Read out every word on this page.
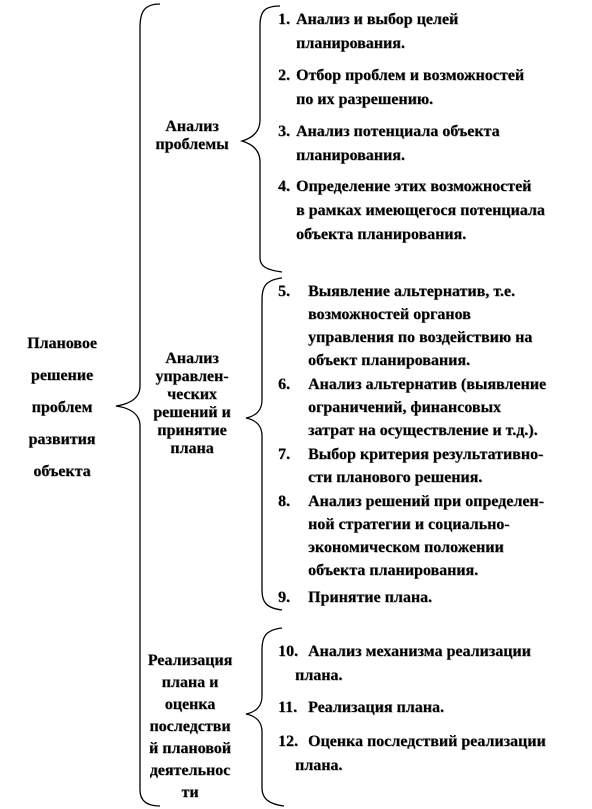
Плановое
решение
проблем
развития
объекта
Анализ
проблемы
Анализ
управлен-
ческих
решений и
принятие
плана
Реализация
плана и
оценка
последстви
й плановой
деятельнос
ти
1. Анализ и выбор целей
планирования.
2. Отбор проблем и возможностей
по их разрешению.
3. Анализ потенциала объекта
планирования.
4. Определение этих возможностей
в рамках имеющегося потенциала
объекта планирования.
5. Выявление альтернатив, т.е.
возможностей органов
управления по воздействию на
объект планирования.
6. Анализ альтернатив (выявление
ограничений, финансовых
затрат на осуществление и т.д.).
7. Выбор критерия результативно-
сти планового решения.
8. Анализ решений при определен-
ной стратегии и социально-
экономическом положении
объекта планирования.
9. Принятие плана.
10. Анализ механизма реализации
плана.
11. Реализация плана.
12. Оценка последствий реализации
плана.
